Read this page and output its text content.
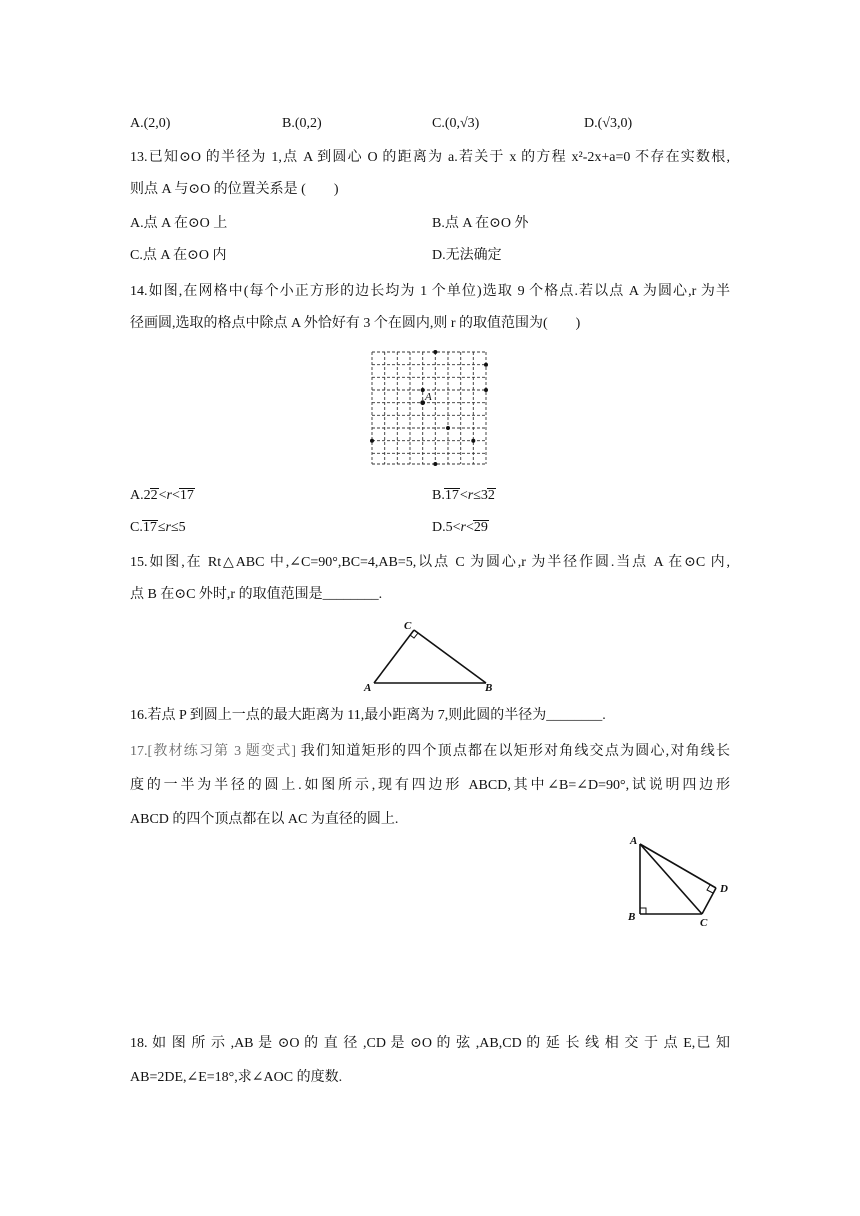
A.(2,0)	B.(0,2)	C.(0,√3)	D.(√3,0)
13.已知⊙O 的半径为 1,点 A 到圆心 O 的距离为 a.若关于 x 的方程 x²-2x+a=0 不存在实数根,
则点 A 与⊙O 的位置关系是 (　　)
A.点 A 在⊙O 上	B.点 A 在⊙O 外
C.点 A 在⊙O 内	D.无法确定
14.如图,在网格中(每个小正方形的边长均为 1 个单位)选取 9 个格点.若以点 A 为圆心,r 为半
径画圆,选取的格点中除点 A 外恰好有 3 个在圆内,则 r 的取值范围为(　　)
A
A.22<r<17	B.17<r≤32
C.17≤r≤5	D.5<r<29
15.如图,在 Rt△ABC 中,∠C=90°,BC=4,AB=5,以点 C 为圆心,r 为半径作圆.当点 A 在⊙C 内,
点 B 在⊙C 外时,r 的取值范围是________.
C
A	B
16.若点 P 到圆上一点的最大距离为 11,最小距离为 7,则此圆的半径为________.
17.[教材练习第 3 题变式] 我们知道矩形的四个顶点都在以矩形对角线交点为圆心,对角线长
度的一半为半径的圆上.如图所示,现有四边形 ABCD,其中∠B=∠D=90°,试说明四边形
ABCD 的四个顶点都在以 AC 为直径的圆上.
A
B	C
D
18. 如 图 所 示 ,AB 是 ⊙O 的 直 径 ,CD 是 ⊙O 的 弦 ,AB,CD 的 延 长 线 相 交 于 点 E,已 知
AB=2DE,∠E=18°,求∠AOC 的度数.
